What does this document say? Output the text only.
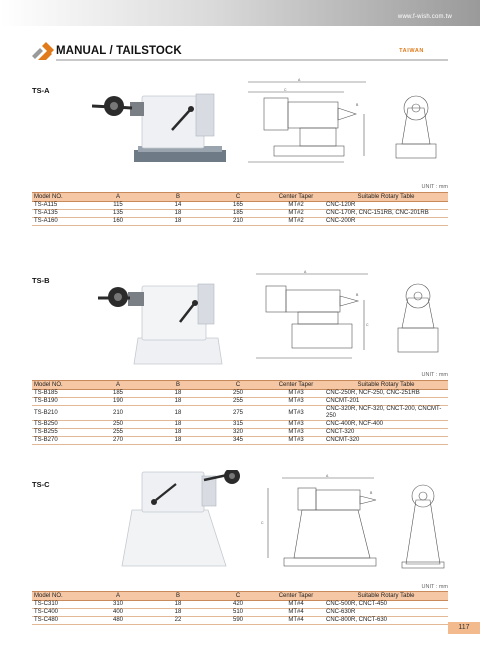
www.f-wish.com.tw
MANUAL / TAILSTOCK	TAIWAN
TS-A
A
C
B
UNIT : mm
Model NO.	A	B	C	Center Taper	Suitable Rotary Table
TS-A115	115	14	165	MT#2	CNC-120R
TS-A135	135	18	185	MT#2	CNC-170R, CNC-151RB, CNC-201RB
TS-A160	160	18	210	MT#2	CNC-200R
TS-B
A
B
C
UNIT : mm
Model NO.	A	B	C	Center Taper	Suitable Rotary Table
TS-B185	185	18	250	MT#3	CNC-250R, NCF-250, CNC-251RB
TS-B190	190	18	255	MT#3	CNCMT-201
TS-B210	210	18	275	MT#3	CNC-320R, NCF-320, CNCT-200, CNCMT-250
TS-B250	250	18	315	MT#3	CNC-400R, NCF-400
TS-B255	255	18	320	MT#3	CNCT-320
TS-B270	270	18	345	MT#3	CNCMT-320
TS-C
A
B
C
UNIT : mm
Model NO.	A	B	C	Center Taper	Suitable Rotary Table
TS-C310	310	18	420	MT#4	CNC-500R, CNCT-450
TS-C400	400	18	510	MT#4	CNC-630R
TS-C480	480	22	590	MT#4	CNC-800R, CNCT-630
117
